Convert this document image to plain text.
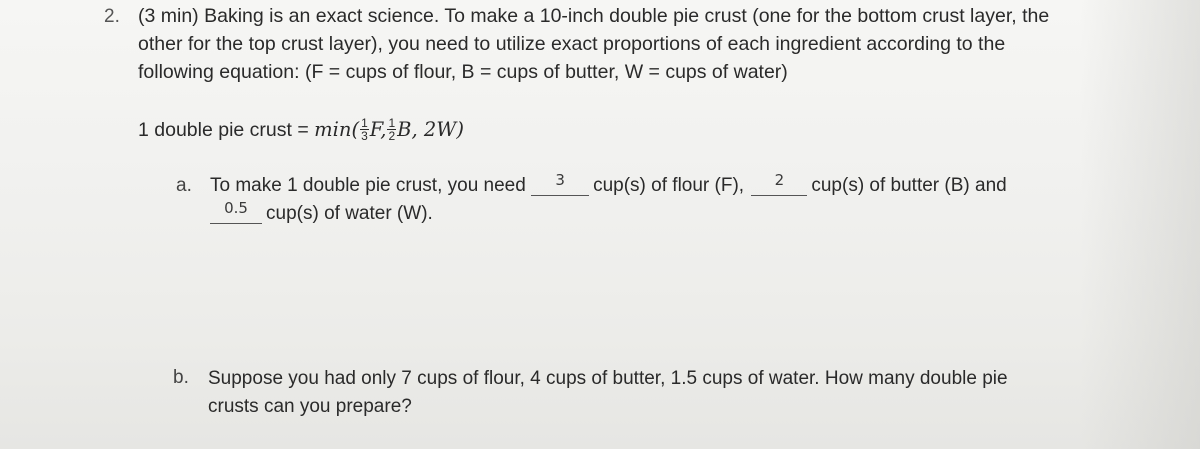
2. (3 min) Baking is an exact science. To make a 10-inch double pie crust (one for the bottom crust layer, the
other for the top crust layer), you need to utilize exact proportions of each ingredient according to the
following equation: (F = cups of flour, B = cups of butter, W = cups of water)
1 double pie crust = $\min( \frac{1}{3} F$, $\frac{1}{2} B$, 2W)
a. To make 1 double pie crust, you need $^3$ cup(s) of flour (F), $^2$ cup(s) of butter (B) and
$^{0.5}$ cup(s) of water (W).
b. Suppose you had only 7 cups of flour, 4 cups of butter, 1.5 cups of water. How many double pie
crusts can you prepare?
